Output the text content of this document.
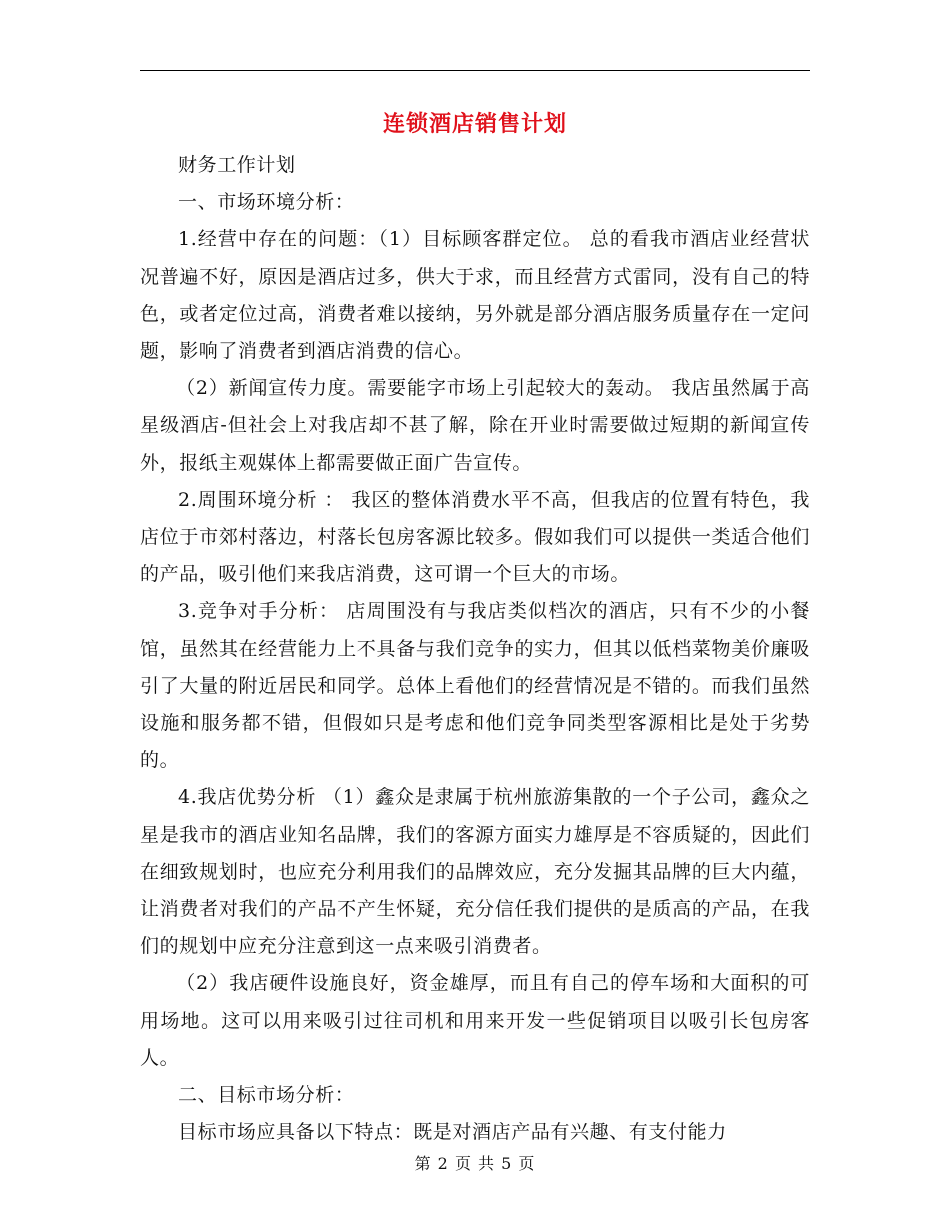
连锁酒店销售计划

财务工作计划

一、市场环境分析：

1.经营中存在的问题：（1）目标顾客群定位。 总的看我市酒店业经营状况普遍不好，原因是酒店过多，供大于求，而且经营方式雷同，没有自己的特色，或者定位过高，消费者难以接纳，另外就是部分酒店服务质量存在一定问题，影响了消费者到酒店消费的信心。

（2）新闻宣传力度。需要能字市场上引起较大的轰动。 我店虽然属于高星级酒店-但社会上对我店却不甚了解，除在开业时需要做过短期的新闻宣传外，报纸主观媒体上都需要做正面广告宣传。

2.周围环境分析 ： 我区的整体消费水平不高，但我店的位置有特色，我店位于市郊村落边，村落长包房客源比较多。假如我们可以提供一类适合他们的产品，吸引他们来我店消费，这可谓一个巨大的市场。

3.竞争对手分析： 店周围没有与我店类似档次的酒店，只有不少的小餐馆，虽然其在经营能力上不具备与我们竞争的实力，但其以低档菜物美价廉吸引了大量的附近居民和同学。总体上看他们的经营情况是不错的。而我们虽然设施和服务都不错，但假如只是考虑和他们竞争同类型客源相比是处于劣势的。

4.我店优势分析 （1）鑫众是隶属于杭州旅游集散的一个子公司，鑫众之星是我市的酒店业知名品牌，我们的客源方面实力雄厚是不容质疑的，因此们在细致规划时，也应充分利用我们的品牌效应，充分发掘其品牌的巨大内蕴，让消费者对我们的产品不产生怀疑，充分信任我们提供的是质高的产品，在我们的规划中应充分注意到这一点来吸引消费者。

（2）我店硬件设施良好，资金雄厚，而且有自己的停车场和大面积的可用场地。这可以用来吸引过往司机和用来开发一些促销项目以吸引长包房客人。

二、目标市场分析：

目标市场应具备以下特点：既是对酒店产品有兴趣、有支付能力

第 2 页 共 5 页
